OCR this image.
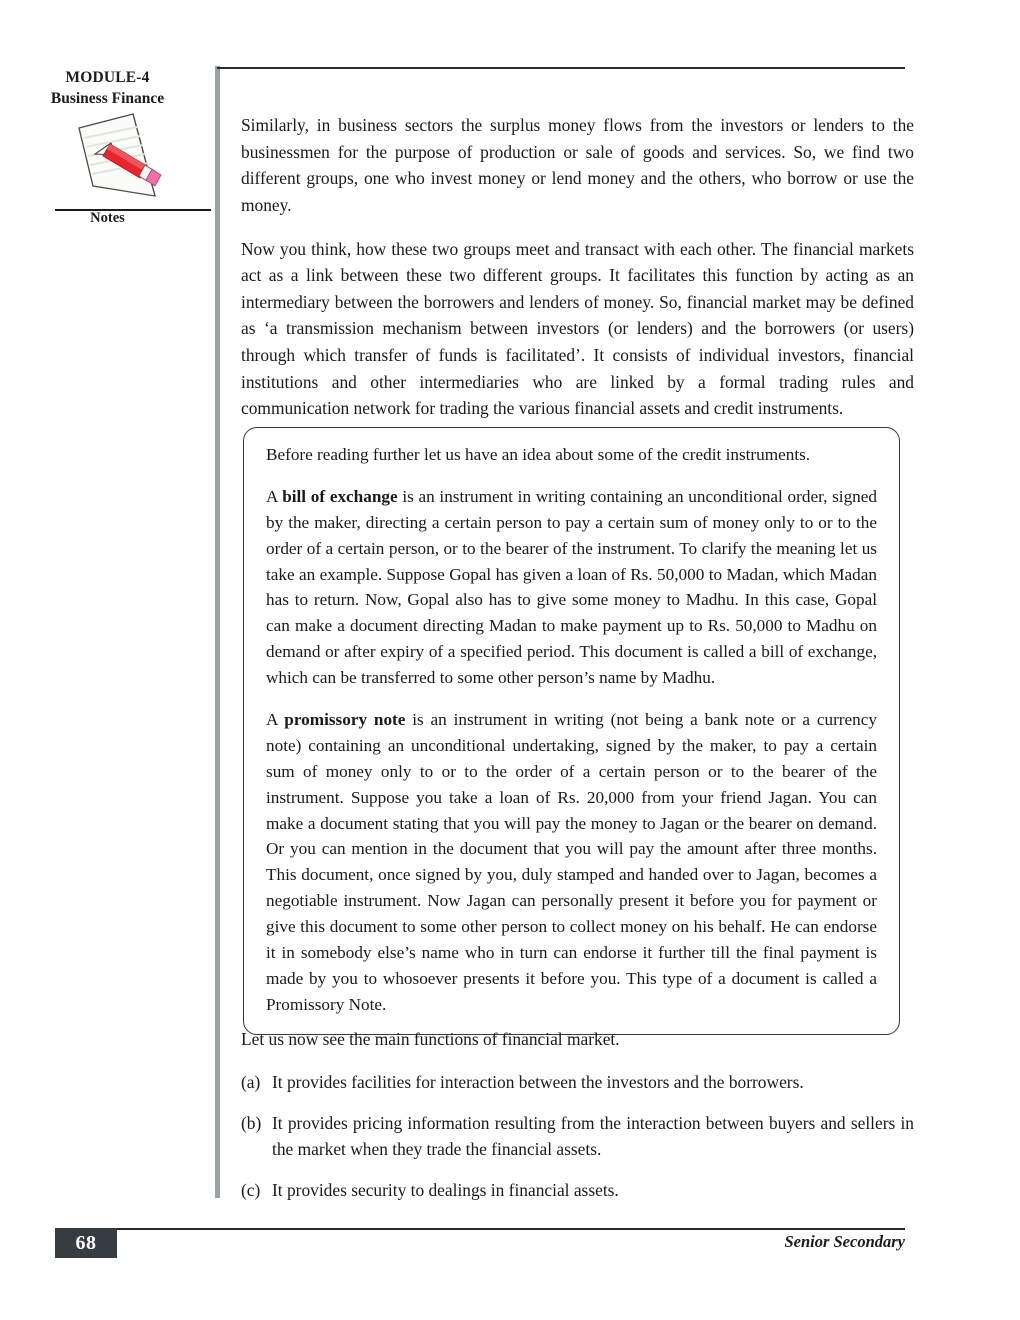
MODULE-4
Business Finance
Notes

Similarly, in business sectors the surplus money flows from the investors or lenders to the businessmen for the purpose of production or sale of goods and services. So, we find two different groups, one who invest money or lend money and the others, who borrow or use the money.

Now you think, how these two groups meet and transact with each other. The financial markets act as a link between these two different groups. It facilitates this function by acting as an intermediary between the borrowers and lenders of money. So, financial market may be defined as ‘a transmission mechanism between investors (or lenders) and the borrowers (or users) through which transfer of funds is facilitated’. It consists of individual investors, financial institutions and other intermediaries who are linked by a formal trading rules and communication network for trading the various financial assets and credit instruments.

Before reading further let us have an idea about some of the credit instruments.

A bill of exchange is an instrument in writing containing an unconditional order, signed by the maker, directing a certain person to pay a certain sum of money only to or to the order of a certain person, or to the bearer of the instrument. To clarify the meaning let us take an example. Suppose Gopal has given a loan of Rs. 50,000 to Madan, which Madan has to return. Now, Gopal also has to give some money to Madhu. In this case, Gopal can make a document directing Madan to make payment up to Rs. 50,000 to Madhu on demand or after expiry of a specified period. This document is called a bill of exchange, which can be transferred to some other person’s name by Madhu.

A promissory note is an instrument in writing (not being a bank note or a currency note) containing an unconditional undertaking, signed by the maker, to pay a certain sum of money only to or to the order of a certain person or to the bearer of the instrument. Suppose you take a loan of Rs. 20,000 from your friend Jagan. You can make a document stating that you will pay the money to Jagan or the bearer on demand. Or you can mention in the document that you will pay the amount after three months. This document, once signed by you, duly stamped and handed over to Jagan, becomes a negotiable instrument. Now Jagan can personally present it before you for payment or give this document to some other person to collect money on his behalf. He can endorse it in somebody else’s name who in turn can endorse it further till the final payment is made by you to whosoever presents it before you. This type of a document is called a Promissory Note.

Let us now see the main functions of financial market.

(a) It provides facilities for interaction between the investors and the borrowers.
(b) It provides pricing information resulting from the interaction between buyers and sellers in the market when they trade the financial assets.
(c) It provides security to dealings in financial assets.
68	Senior Secondary
